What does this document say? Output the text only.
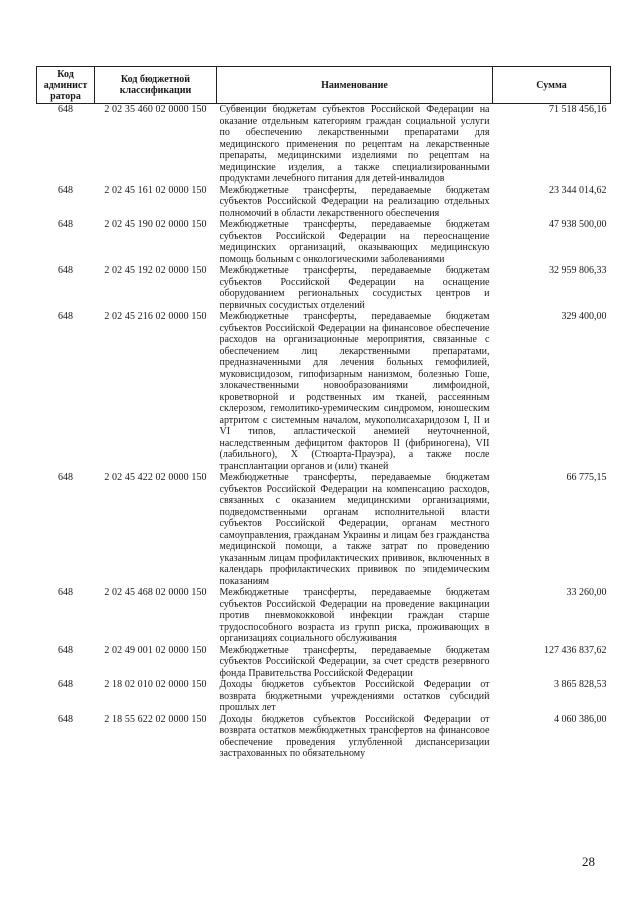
Код админист ратора	Код бюджетной классификации	Наименование	Сумма
648	2 02 35 460 02 0000 150	Субвенции бюджетам субъектов Российской Федерации на оказание отдельным категориям граждан социальной услуги по обеспечению лекарственными препаратами для медицинского применения по рецептам на лекарственные препараты, медицинскими изделиями по рецептам на медицинские изделия, а также специализированными продуктами лечебного питания для детей-инвалидов	71 518 456,16
648	2 02 45 161 02 0000 150	Межбюджетные трансферты, передаваемые бюджетам субъектов Российской Федерации на реализацию отдельных полномочий в области лекарственного обеспечения	23 344 014,62
648	2 02 45 190 02 0000 150	Межбюджетные трансферты, передаваемые бюджетам субъектов Российской Федерации на переоснащение медицинских организаций, оказывающих медицинскую помощь больным с онкологическими заболеваниями	47 938 500,00
648	2 02 45 192 02 0000 150	Межбюджетные трансферты, передаваемые бюджетам субъектов Российской Федерации на оснащение оборудованием региональных сосудистых центров и первичных сосудистых отделений	32 959 806,33
648	2 02 45 216 02 0000 150	Межбюджетные трансферты, передаваемые бюджетам субъектов Российской Федерации на финансовое обеспечение расходов на организационные мероприятия, связанные с обеспечением лиц лекарственными препаратами, предназначенными для лечения больных гемофилией, муковисцидозом, гипофизарным нанизмом, болезнью Гоше, злокачественными новообразованиями лимфоидной, кроветворной и родственных им тканей, рассеянным склерозом, гемолитико-уремическим синдромом, юношеским артритом с системным началом, мукополисахаридозом I, II и VI типов, апластической анемией неуточненной, наследственным дефицитом факторов II (фибриногена), VII (лабильного), X (Стюарта-Прауэра), а также после трансплантации органов и (или) тканей	329 400,00
648	2 02 45 422 02 0000 150	Межбюджетные трансферты, передаваемые бюджетам субъектов Российской Федерации на компенсацию расходов, связанных с оказанием медицинскими организациями, подведомственными органам исполнительной власти субъектов Российской Федерации, органам местного самоуправления, гражданам Украины и лицам без гражданства медицинской помощи, а также затрат по проведению указанным лицам профилактических прививок, включенных в календарь профилактических прививок по эпидемическим показаниям	66 775,15
648	2 02 45 468 02 0000 150	Межбюджетные трансферты, передаваемые бюджетам субъектов Российской Федерации на проведение вакцинации против пневмококковой инфекции граждан старше трудоспособного возраста из групп риска, проживающих в организациях социального обслуживания	33 260,00
648	2 02 49 001 02 0000 150	Межбюджетные трансферты, передаваемые бюджетам субъектов Российской Федерации, за счет средств резервного фонда Правительства Российской Федерации	127 436 837,62
648	2 18 02 010 02 0000 150	Доходы бюджетов субъектов Российской Федерации от возврата бюджетными учреждениями остатков субсидий прошлых лет	3 865 828,53
648	2 18 55 622 02 0000 150	Доходы бюджетов субъектов Российской Федерации от возврата остатков межбюджетных трансфертов на финансовое обеспечение проведения углубленной диспансеризации застрахованных по обязательному	4 060 386,00
28
